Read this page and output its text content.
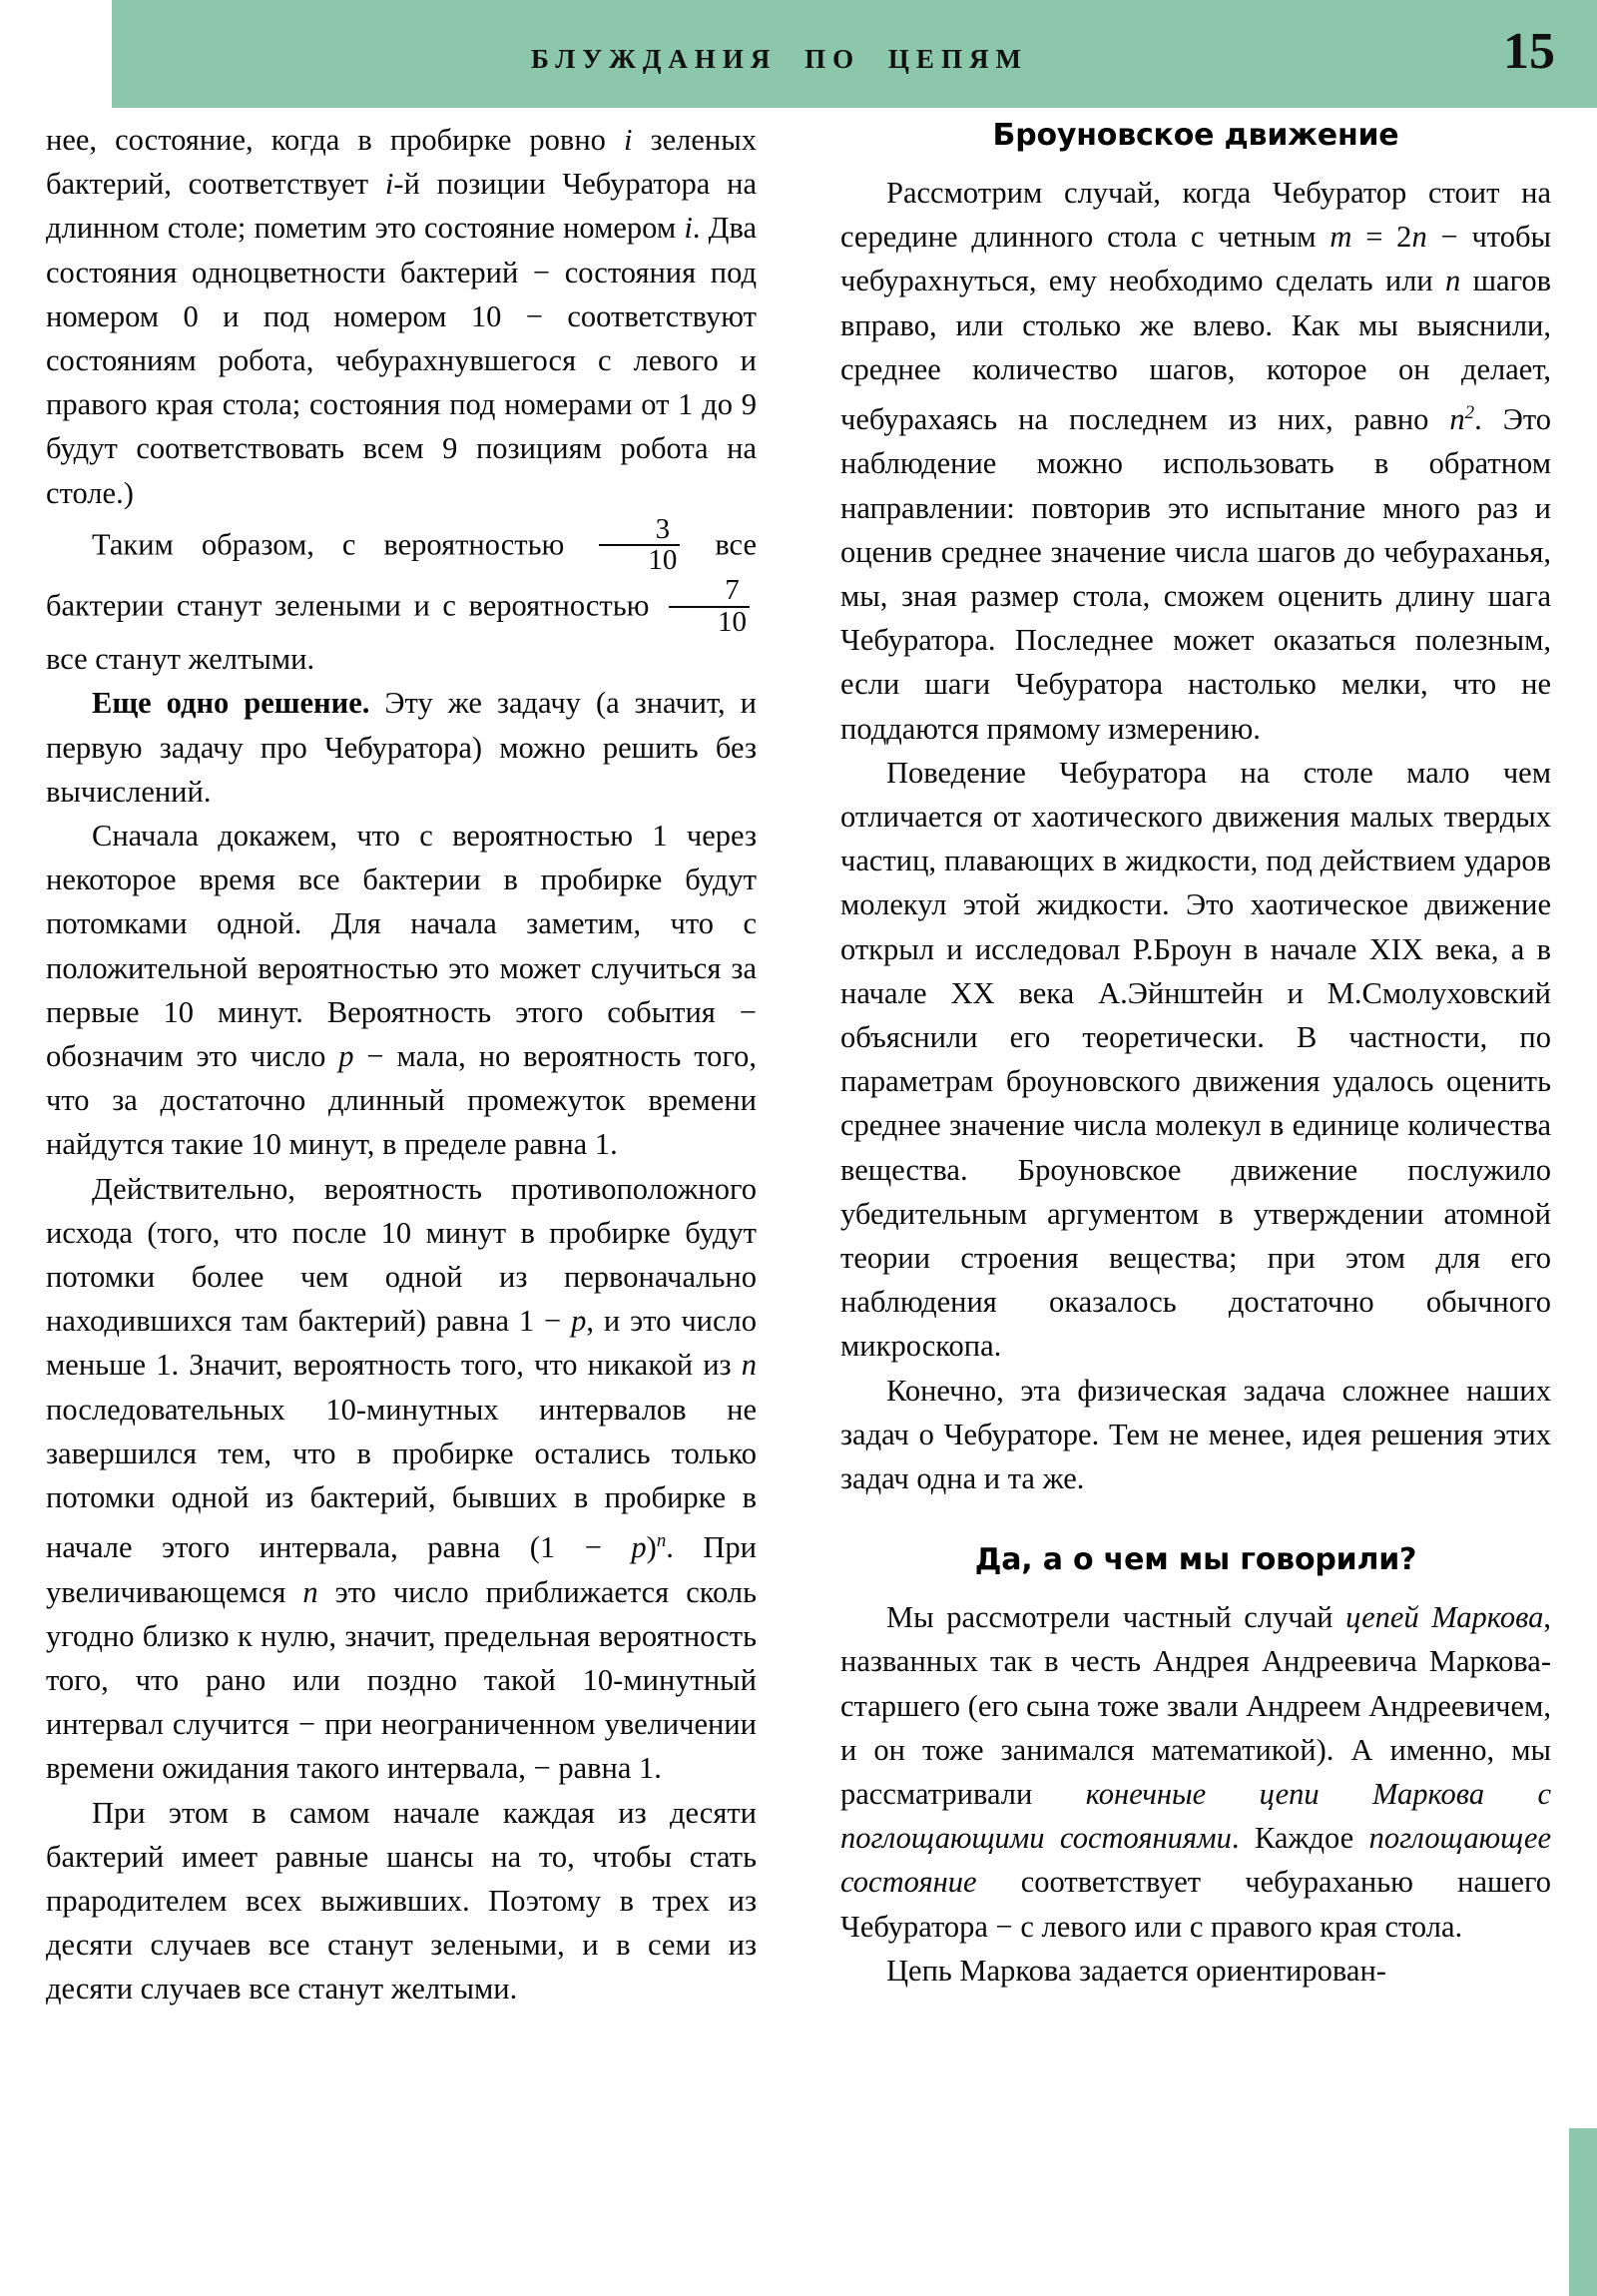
БЛУЖДАНИЯ ПО ЦЕПЯМ	15

нее, состояние, когда в пробирке ровно i зеленых бактерий, соответствует i-й позиции Чебуратора на длинном столе; пометим это состояние номером i. Два состояния одноцветности бактерий − состояния под номером 0 и под номером 10 − соответствуют состояниям робота, чебурахнувшегося с левого и правого края стола; состояния под номерами от 1 до 9 будут соответствовать всем 9 позициям робота на столе.)

Таким образом, с вероятностью $\frac{3}{10}$ все бактерии станут зелеными и с вероятностью $\frac{7}{10}$
все станут желтыми.

Еще одно решение. Эту же задачу (а значит, и первую задачу про Чебуратора) можно решить без вычислений.

Сначала докажем, что с вероятностью 1 через некоторое время все бактерии в пробирке будут потомками одной. Для начала заметим, что с положительной вероятностью это может случиться за первые 10 минут. Вероятность этого события − обозначим это число p − мала, но вероятность того, что за достаточно длинный промежуток времени найдутся такие 10 минут, в пределе равна 1.

Действительно, вероятность противоположного исхода (того, что после 10 минут в пробирке будут потомки более чем одной из первоначально находившихся там бактерий) равна 1 − p, и это число меньше 1. Значит, вероятность того, что никакой из n последовательных 10-минутных интервалов не завершился тем, что в пробирке остались только потомки одной из бактерий, бывших в пробирке в начале этого интервала, равна $(1 - p)^n$. При увеличивающемся n это число приближается сколь угодно близко к нулю, значит, предельная вероятность того, что рано или поздно такой 10-минутный интервал случится − при неограниченном увеличении времени ожидания такого интервала, − равна 1.

При этом в самом начале каждая из десяти бактерий имеет равные шансы на то, чтобы стать прародителем всех выживших. Поэтому в трех из десяти случаев все станут зелеными, и в семи из десяти случаев все станут желтыми.

Броуновское движение

Рассмотрим случай, когда Чебуратор стоит на середине длинного стола с четным m = 2n − чтобы чебурахнуться, ему необходимо сделать или n шагов вправо, или столько же влево. Как мы выяснили, среднее количество шагов, которое он делает, чебурахаясь на последнем из них, равно $n^2$. Это наблюдение можно использовать в обратном направлении: повторив это испытание много раз и оценив среднее значение числа шагов до чебураханья, мы, зная размер стола, сможем оценить длину шага Чебуратора. Последнее может оказаться полезным, если шаги Чебуратора настолько мелки, что не поддаются прямому измерению.

Поведение Чебуратора на столе мало чем отличается от хаотического движения малых твердых частиц, плавающих в жидкости, под действием ударов молекул этой жидкости. Это хаотическое движение открыл и исследовал Р.Броун в начале XIX века, а в начале XX века А.Эйнштейн и М.Смолуховский объяснили его теоретически. В частности, по параметрам броуновского движения удалось оценить среднее значение числа молекул в единице количества вещества. Броуновское движение послужило убедительным аргументом в утверждении атомной теории строения вещества; при этом для его наблюдения оказалось достаточно обычного микроскопа.

Конечно, эта физическая задача сложнее наших задач о Чебураторе. Тем не менее, идея решения этих задач одна и та же.

Да, а о чем мы говорили?

Мы рассмотрели частный случай цепей Маркова, названных так в честь Андрея Андреевича Маркова-старшего (его сына тоже звали Андреем Андреевичем, и он тоже занимался математикой). А именно, мы рассматривали конечные цепи Маркова с поглощающими состояниями. Каждое поглощающее состояние соответствует чебураханью нашего Чебуратора − с левого или с правого края стола.

Цепь Маркова задается ориентирован-
